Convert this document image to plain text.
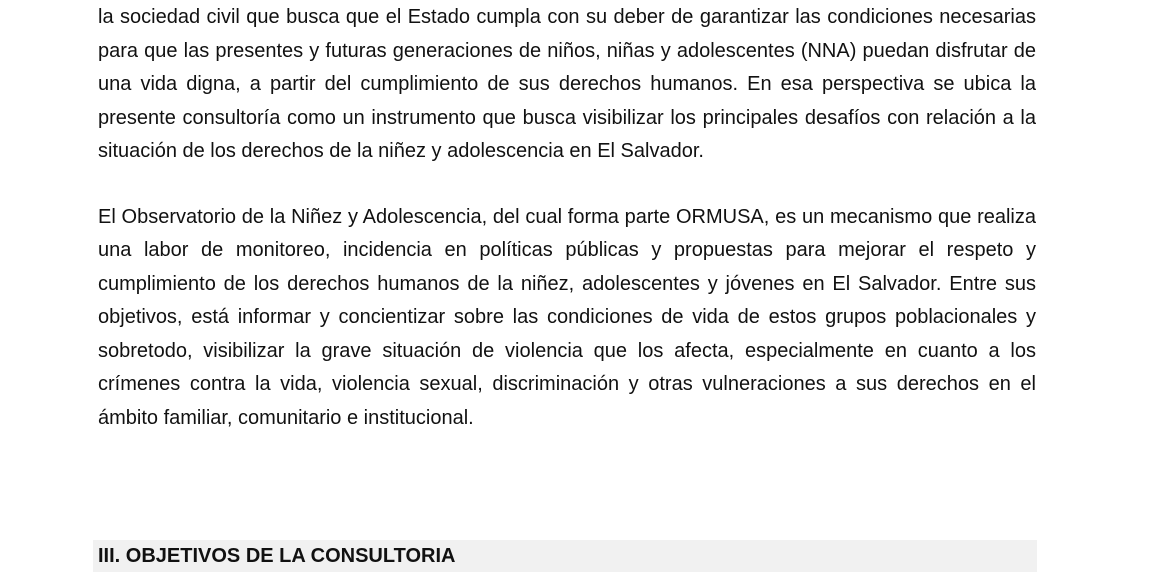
la sociedad civil que busca que el Estado cumpla con su deber de garantizar las condiciones necesarias para que las presentes y futuras generaciones de niños, niñas y adolescentes (NNA) puedan disfrutar de una vida digna, a partir del cumplimiento de sus derechos humanos. En esa perspectiva se ubica la presente consultoría como un instrumento que busca visibilizar los principales desafíos con relación a la situación de los derechos de la niñez y adolescencia en El Salvador.

El Observatorio de la Niñez y Adolescencia, del cual forma parte ORMUSA, es un mecanismo que realiza una labor de monitoreo, incidencia en políticas públicas y propuestas para mejorar el respeto y cumplimiento de los derechos humanos de la niñez, adolescentes y jóvenes en El Salvador. Entre sus objetivos, está informar y concientizar sobre las condiciones de vida de estos grupos poblacionales y sobretodo, visibilizar la grave situación de violencia que los afecta, especialmente en cuanto a los crímenes contra la vida, violencia sexual, discriminación y otras vulneraciones a sus derechos en el ámbito familiar, comunitario e institucional.

III. OBJETIVOS DE LA CONSULTORIA
